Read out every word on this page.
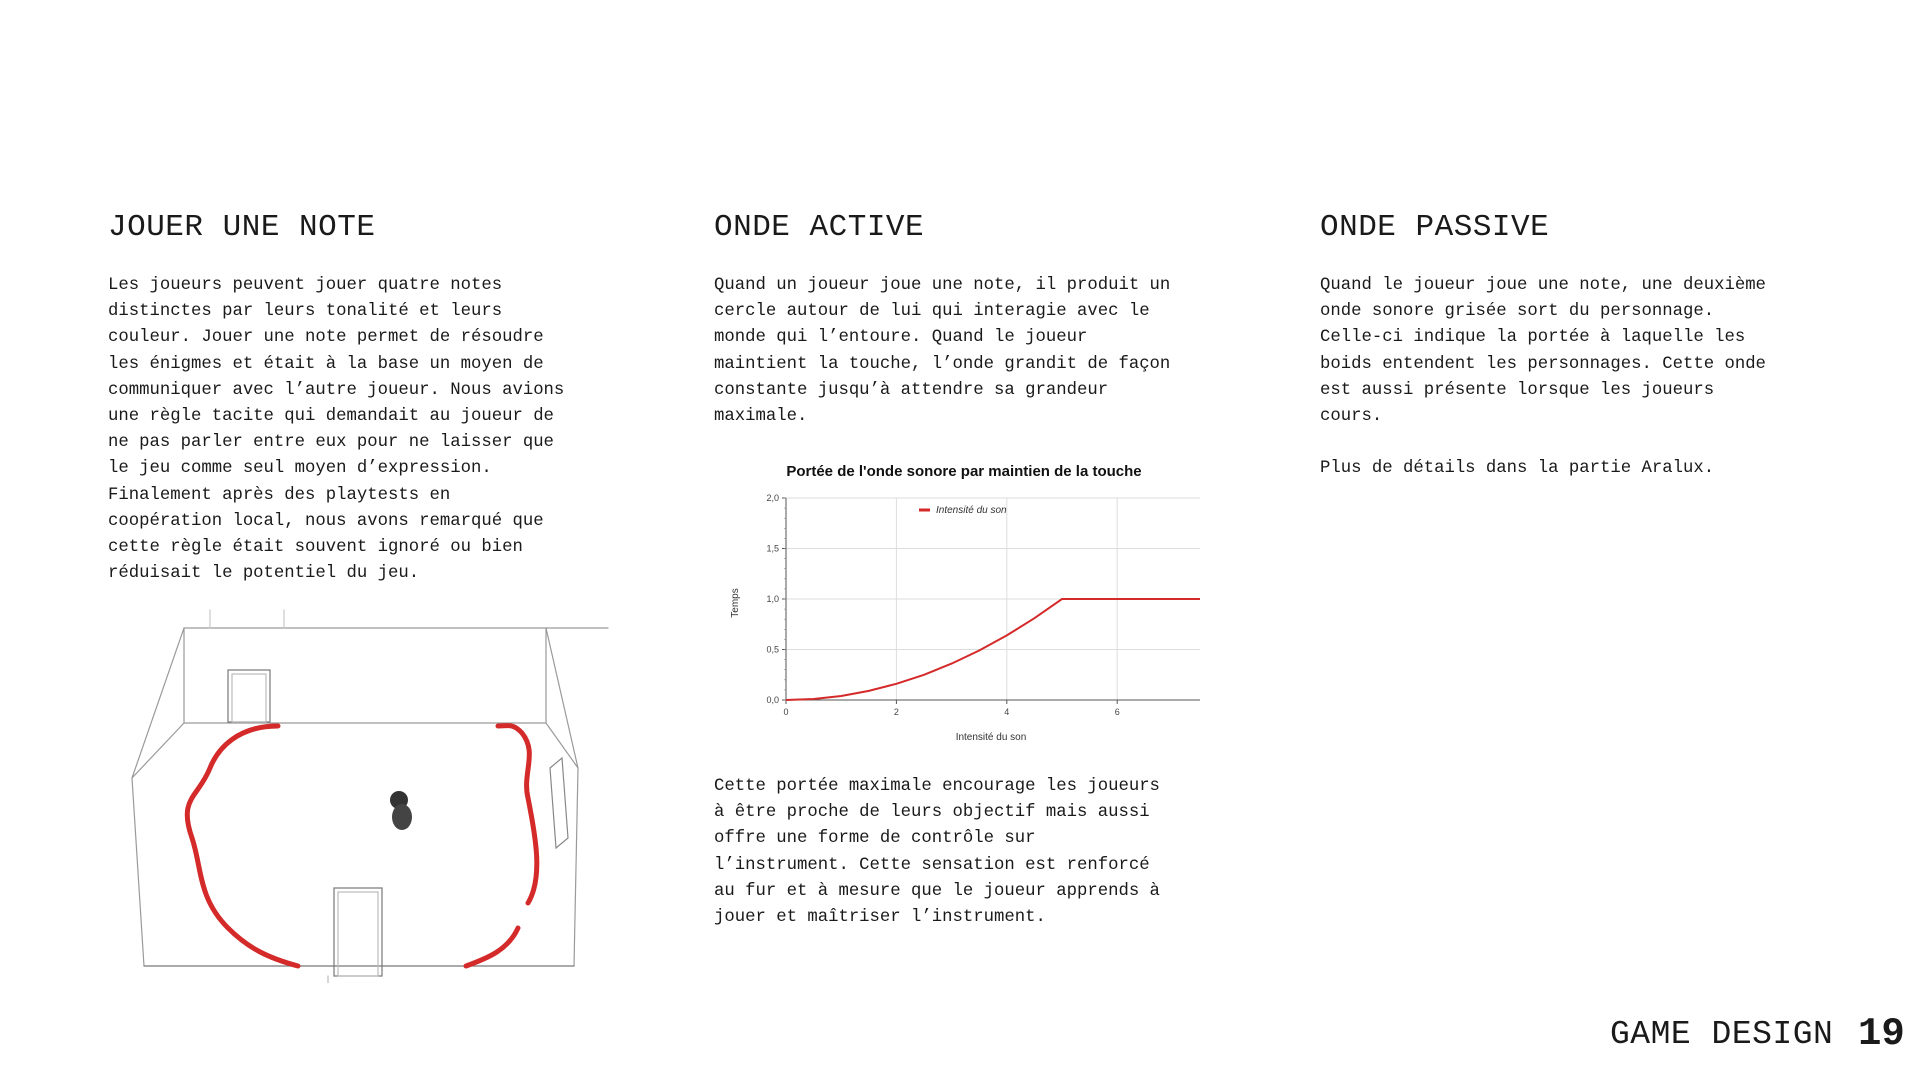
JOUER UNE NOTE

Les joueurs peuvent jouer quatre notes
distinctes par leurs tonalité et leurs
couleur. Jouer une note permet de résoudre
les énigmes et était à la base un moyen de
communiquer avec l’autre joueur. Nous avions
une règle tacite qui demandait au joueur de
ne pas parler entre eux pour ne laisser que
le jeu comme seul moyen d’expression.
Finalement après des playtests en
coopération local, nous avons remarqué que
cette règle était souvent ignoré ou bien
réduisait le potentiel du jeu.

ONDE ACTIVE

Quand un joueur joue une note, il produit un
cercle autour de lui qui interagie avec le
monde qui l’entoure. Quand le joueur
maintient la touche, l’onde grandit de façon
constante jusqu’à attendre sa grandeur
maximale.

Portée de l'onde sonore par maintien de la touche
0,0
0,5
1,0
1,5
2,0
0	2	4	6
Intensité du son
Intensité du son
Temps

Cette portée maximale encourage les joueurs
à être proche de leurs objectif mais aussi
offre une forme de contrôle sur
l’instrument. Cette sensation est renforcé
au fur et à mesure que le joueur apprends à
jouer et maîtriser l’instrument.

ONDE PASSIVE

Quand le joueur joue une note, une deuxième
onde sonore grisée sort du personnage.
Celle-ci indique la portée à laquelle les
boids entendent les personnages. Cette onde
est aussi présente lorsque les joueurs
cours.

Plus de détails dans la partie Aralux.

GAME DESIGN 19
